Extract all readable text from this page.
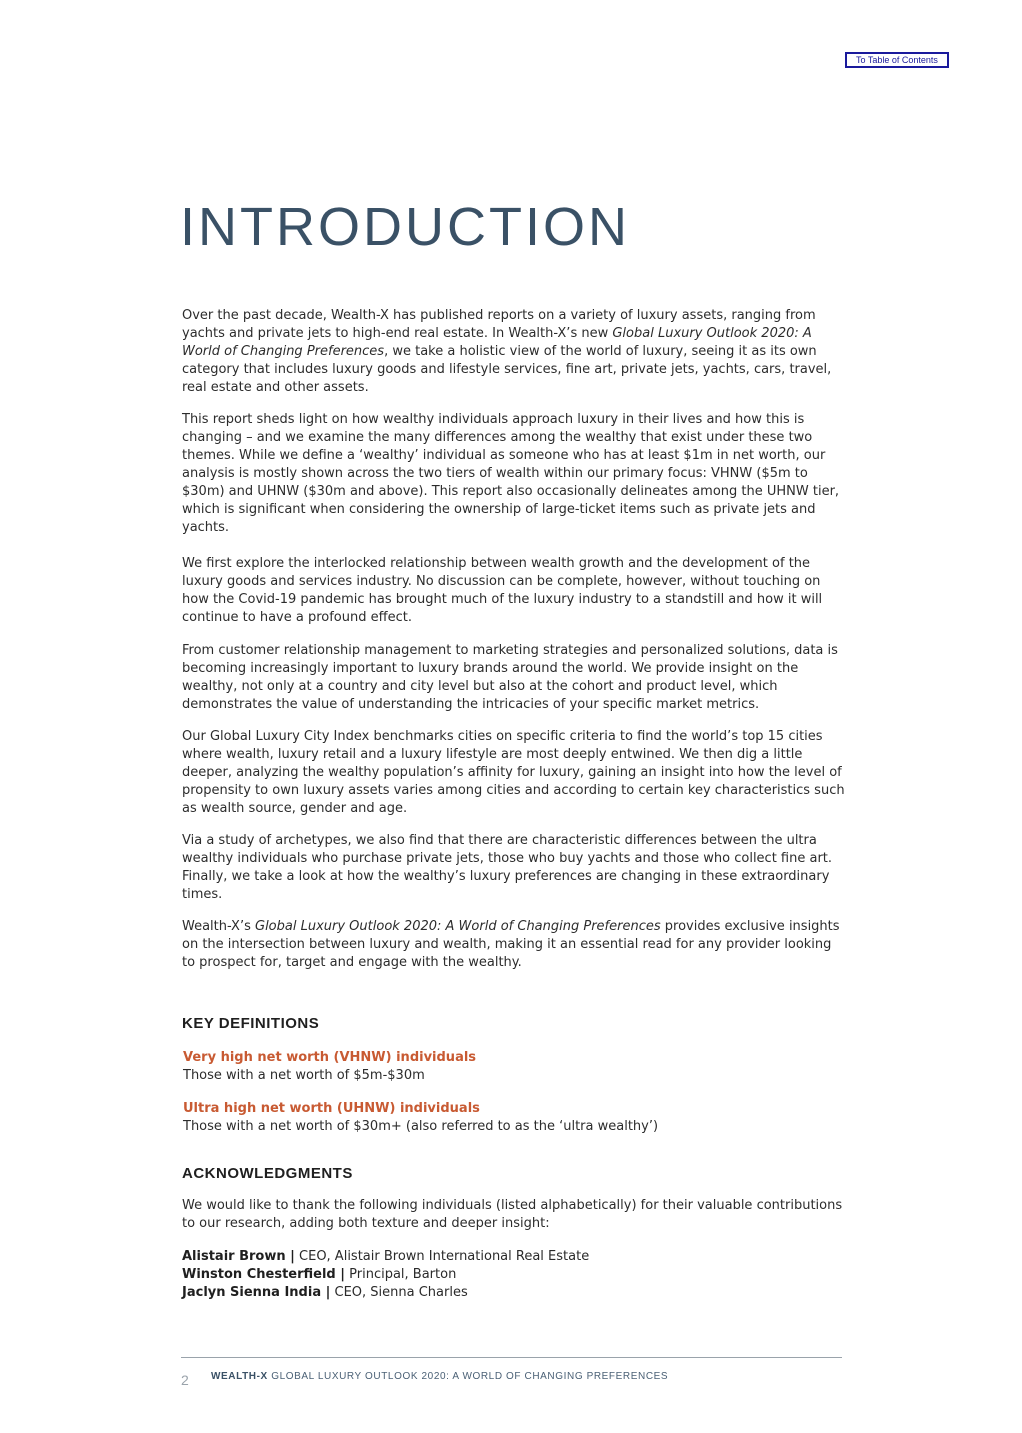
To Table of Contents
INTRODUCTION

Over the past decade, Wealth-X has published reports on a variety of luxury assets, ranging from yachts and private jets to high-end real estate. In Wealth-X’s new Global Luxury Outlook 2020: A World of Changing Preferences, we take a holistic view of the world of luxury, seeing it as its own category that includes luxury goods and lifestyle services, fine art, private jets, yachts, cars, travel, real estate and other assets.

This report sheds light on how wealthy individuals approach luxury in their lives and how this is changing – and we examine the many differences among the wealthy that exist under these two themes. While we define a ‘wealthy’ individual as someone who has at least $1m in net worth, our analysis is mostly shown across the two tiers of wealth within our primary focus: VHNW ($5m to $30m) and UHNW ($30m and above). This report also occasionally delineates among the UHNW tier, which is significant when considering the ownership of large-ticket items such as private jets and yachts.

We first explore the interlocked relationship between wealth growth and the development of the luxury goods and services industry. No discussion can be complete, however, without touching on how the Covid-19 pandemic has brought much of the luxury industry to a standstill and how it will continue to have a profound effect.

From customer relationship management to marketing strategies and personalized solutions, data is becoming increasingly important to luxury brands around the world. We provide insight on the wealthy, not only at a country and city level but also at the cohort and product level, which demonstrates the value of understanding the intricacies of your specific market metrics.

Our Global Luxury City Index benchmarks cities on specific criteria to find the world’s top 15 cities where wealth, luxury retail and a luxury lifestyle are most deeply entwined. We then dig a little deeper, analyzing the wealthy population’s affinity for luxury, gaining an insight into how the level of propensity to own luxury assets varies among cities and according to certain key characteristics such as wealth source, gender and age.

Via a study of archetypes, we also find that there are characteristic differences between the ultra wealthy individuals who purchase private jets, those who buy yachts and those who collect fine art. Finally, we take a look at how the wealthy’s luxury preferences are changing in these extraordinary times.

Wealth-X’s Global Luxury Outlook 2020: A World of Changing Preferences provides exclusive insights on the intersection between luxury and wealth, making it an essential read for any provider looking to prospect for, target and engage with the wealthy.

KEY DEFINITIONS
Very high net worth (VHNW) individuals
Those with a net worth of $5m-$30m
Ultra high net worth (UHNW) individuals
Those with a net worth of $30m+ (also referred to as the ‘ultra wealthy’)
ACKNOWLEDGMENTS

We would like to thank the following individuals (listed alphabetically) for their valuable contributions to our research, adding both texture and deeper insight:

Alistair Brown | CEO, Alistair Brown International Real Estate
Winston Chesterfield | Principal, Barton
Jaclyn Sienna India | CEO, Sienna Charles
2 WEALTH-X GLOBAL LUXURY OUTLOOK 2020: A WORLD OF CHANGING PREFERENCES
